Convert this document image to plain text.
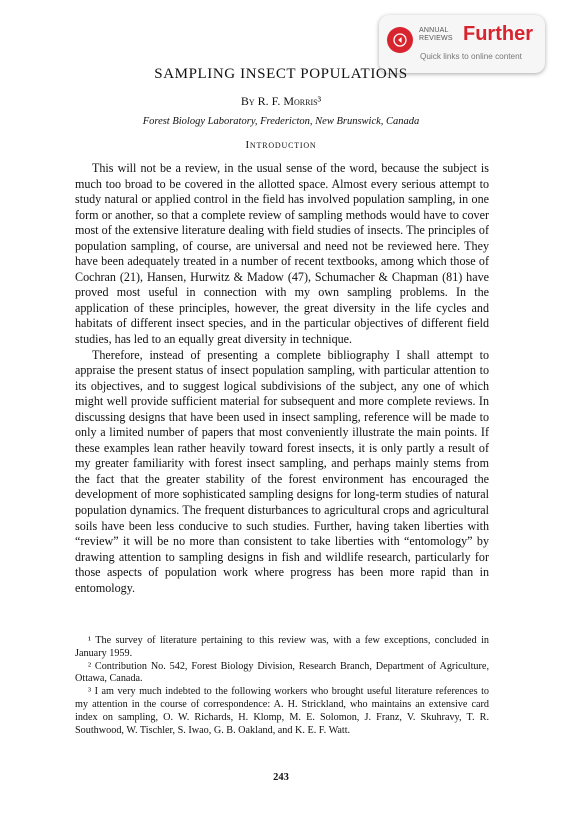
ANNUAL
REVIEWS Further
Quick links to online content
SAMPLING INSECT POPULATIONS
By R. F. Morris³
Forest Biology Laboratory, Fredericton, New Brunswick, Canada
Introduction

This will not be a review, in the usual sense of the word, because the subject is much too broad to be covered in the allotted space. Almost every serious attempt to study natural or applied control in the field has involved population sampling, in one form or another, so that a complete review of sampling methods would have to cover most of the extensive literature dealing with field studies of insects. The principles of population sampling, of course, are universal and need not be reviewed here. They have been adequately treated in a number of recent textbooks, among which those of Cochran (21), Hansen, Hurwitz & Madow (47), Schumacher & Chapman (81) have proved most useful in connection with my own sampling problems. In the application of these principles, however, the great diversity in the life cycles and habitats of different insect species, and in the particular objectives of different field studies, has led to an equally great diversity in technique.

Therefore, instead of presenting a complete bibliography I shall attempt to appraise the present status of insect population sampling, with particular attention to its objectives, and to suggest logical subdivisions of the subject, any one of which might well provide sufficient material for subsequent and more complete reviews. In discussing designs that have been used in insect sampling, reference will be made to only a limited number of papers that most conveniently illustrate the main points. If these examples lean rather heavily toward forest insects, it is only partly a result of my greater familiarity with forest insect sampling, and perhaps mainly stems from the fact that the greater stability of the forest environment has encouraged the development of more sophisticated sampling designs for long-term studies of natural population dynamics. The frequent disturbances to agricultural crops and agricultural soils have been less conducive to such studies. Further, having taken liberties with “review” it will be no more than consistent to take liberties with “entomology” by drawing attention to sampling designs in fish and wildlife research, particularly for those aspects of population work where progress has been more rapid than in entomology.

¹ The survey of literature pertaining to this review was, with a few exceptions, concluded in January 1959.

² Contribution No. 542, Forest Biology Division, Research Branch, Department of Agriculture, Ottawa, Canada.

³ I am very much indebted to the following workers who brought useful literature references to my attention in the course of correspondence: A. H. Strickland, who maintains an extensive card index on sampling, O. W. Richards, H. Klomp, M. E. Solomon, J. Franz, V. Skuhravy, T. R. Southwood, W. Tischler, S. Iwao, G. B. Oakland, and K. E. F. Watt.

243
